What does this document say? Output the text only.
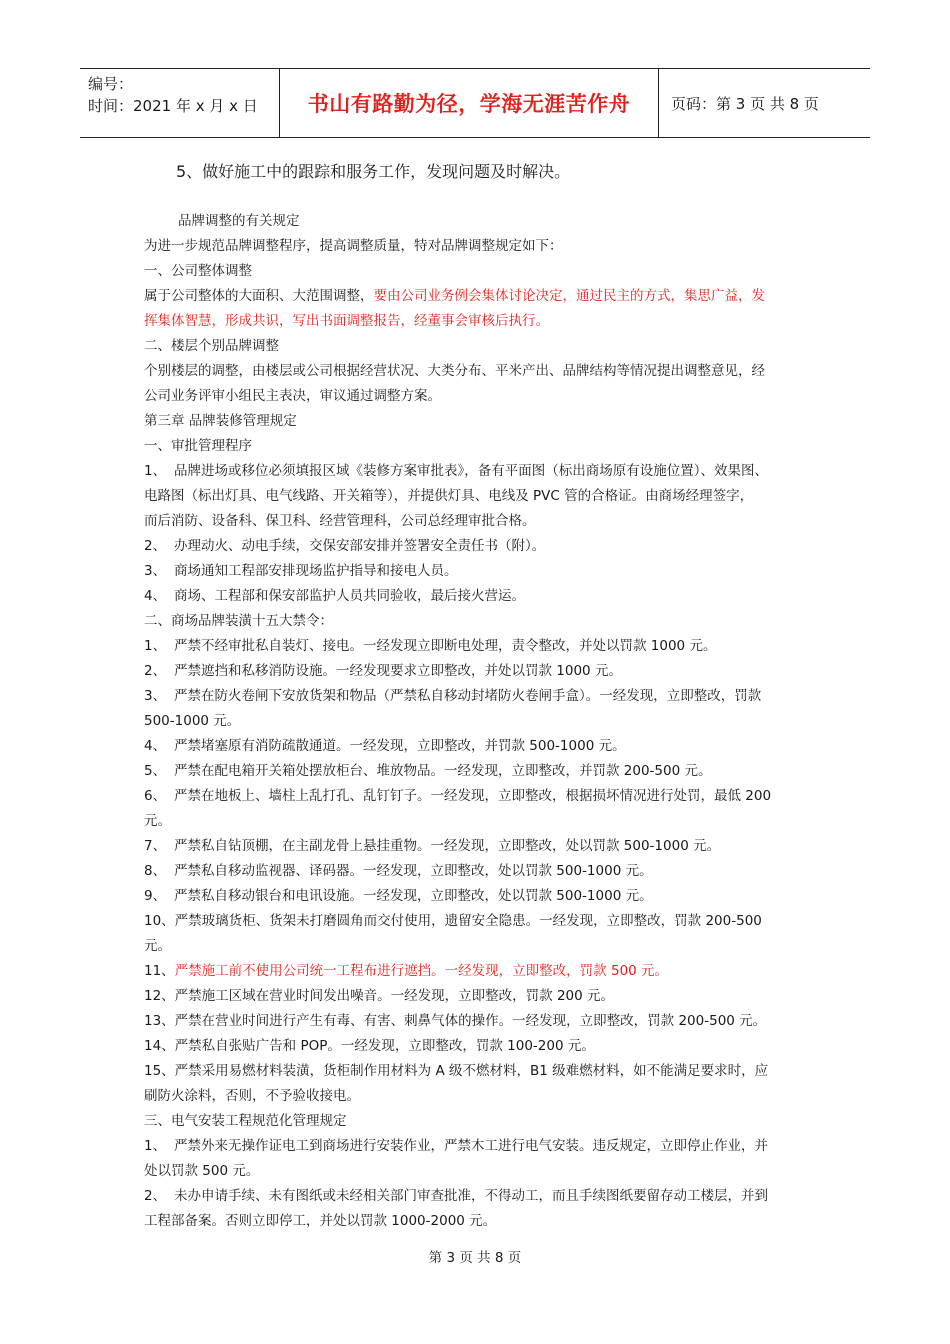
编号：
时间：2021 年 x 月 x 日	书山有路勤为径，学海无涯苦作舟	页码：第 3 页 共 8 页
5、做好施工中的跟踪和服务工作，发现问题及时解决。
品牌调整的有关规定

为进一步规范品牌调整程序，提高调整质量，特对品牌调整规定如下：

一、公司整体调整

属于公司整体的大面积、大范围调整，要由公司业务例会集体讨论决定，通过民主的方式，集思广益，发

挥集体智慧，形成共识，写出书面调整报告，经董事会审核后执行。

二、楼层个别品牌调整

个别楼层的调整，由楼层或公司根据经营状况、大类分布、平米产出、品牌结构等情况提出调整意见，经

公司业务评审小组民主表决，审议通过调整方案。

第三章 品牌装修管理规定

一、审批管理程序

1、 品牌进场或移位必须填报区域《装修方案审批表》，备有平面图（标出商场原有设施位置）、效果图、

电路图（标出灯具、电气线路、开关箱等），并提供灯具、电线及 PVC 管的合格证。由商场经理签字，

而后消防、设备科、保卫科、经营管理科，公司总经理审批合格。

2、 办理动火、动电手续，交保安部安排并签署安全责任书（附）。

3、 商场通知工程部安排现场监护指导和接电人员。

4、 商场、工程部和保安部监护人员共同验收，最后接火营运。

二、商场品牌装潢十五大禁令：

1、 严禁不经审批私自装灯、接电。一经发现立即断电处理，责令整改，并处以罚款 1000 元。

2、 严禁遮挡和私移消防设施。一经发现要求立即整改，并处以罚款 1000 元。

3、 严禁在防火卷闸下安放货架和物品（严禁私自移动封堵防火卷闸手盒）。一经发现，立即整改，罚款

500-1000 元。

4、 严禁堵塞原有消防疏散通道。一经发现，立即整改，并罚款 500-1000 元。

5、 严禁在配电箱开关箱处摆放柜台、堆放物品。一经发现，立即整改，并罚款 200-500 元。

6、 严禁在地板上、墙柱上乱打孔、乱钉钉子。一经发现，立即整改，根据损坏情况进行处罚，最低 200

元。

7、 严禁私自钻顶棚，在主副龙骨上悬挂重物。一经发现，立即整改，处以罚款 500-1000 元。

8、 严禁私自移动监视器、译码器。一经发现，立即整改，处以罚款 500-1000 元。

9、 严禁私自移动银台和电讯设施。一经发现，立即整改，处以罚款 500-1000 元。

10、严禁玻璃货柜、货架未打磨圆角而交付使用，遗留安全隐患。一经发现，立即整改，罚款 200-500

元。

11、严禁施工前不使用公司统一工程布进行遮挡。一经发现，立即整改，罚款 500 元。

12、严禁施工区域在营业时间发出噪音。一经发现，立即整改，罚款 200 元。

13、严禁在营业时间进行产生有毒、有害、刺鼻气体的操作。一经发现，立即整改，罚款 200-500 元。

14、严禁私自张贴广告和 POP。一经发现，立即整改，罚款 100-200 元。

15、严禁采用易燃材料装潢，货柜制作用材料为 A 级不燃材料，B1 级难燃材料，如不能满足要求时，应

刷防火涂料，否则，不予验收接电。

三、电气安装工程规范化管理规定

1、 严禁外来无操作证电工到商场进行安装作业，严禁木工进行电气安装。违反规定，立即停止作业，并

处以罚款 500 元。

2、 未办申请手续、未有图纸或未经相关部门审查批准，不得动工，而且手续图纸要留存动工楼层，并到

工程部备案。否则立即停工，并处以罚款 1000-2000 元。

第 3 页 共 8 页
